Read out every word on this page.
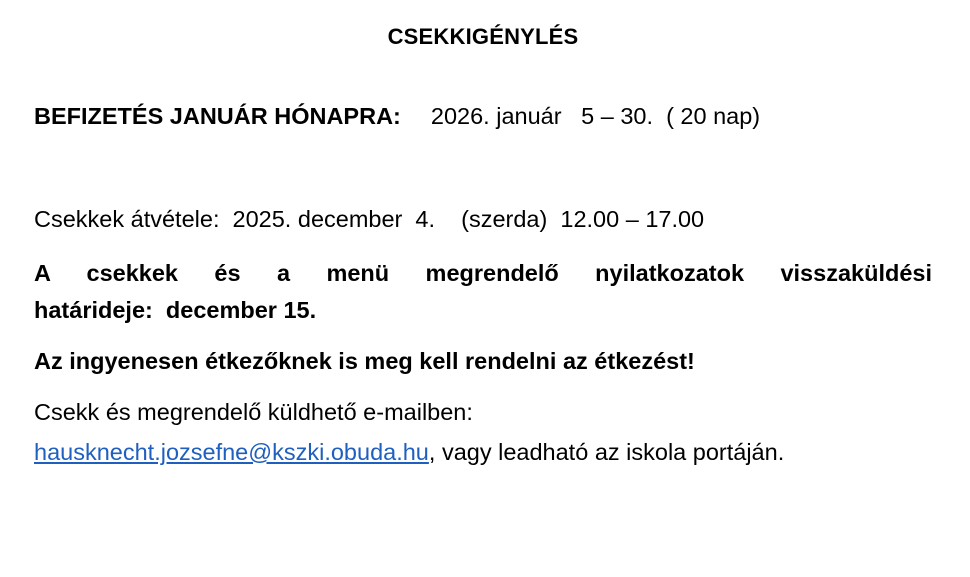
CSEKKIGÉNYLÉS
BEFIZETÉS JANUÁR HÓNAPRA: 2026. január   5 – 30.  ( 20 nap)
Csekkek átvétele:  2025. december  4.    (szerda)  12.00 – 17.00
A csekkek és a menü megrendelő nyilatkozatok visszaküldési
határideje:  december 15.
Az ingyenesen étkezőknek is meg kell rendelni az étkezést!
Csekk és megrendelő küldhető e-mailben:
hausknecht.jozsefne@kszki.obuda.hu, vagy leadható az iskola portáján.
